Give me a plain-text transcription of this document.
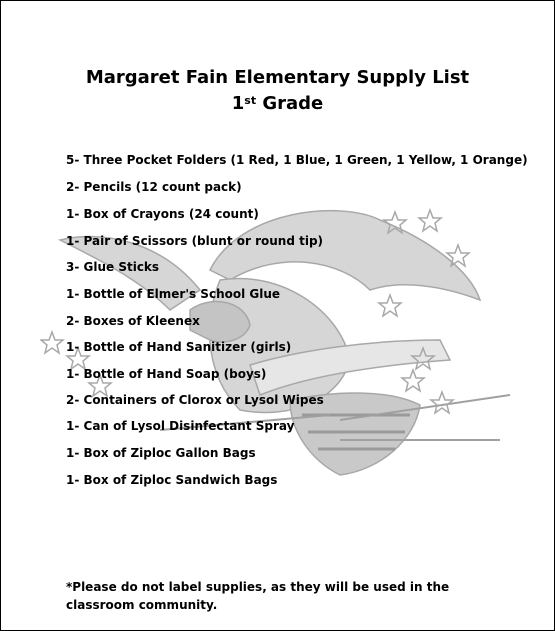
Margaret Fain Elementary Supply List
1st Grade
5- Three Pocket Folders (1 Red, 1 Blue, 1 Green, 1 Yellow, 1 Orange)
2- Pencils (12 count pack)
1- Box of Crayons (24 count)
1- Pair of Scissors (blunt or round tip)
3- Glue Sticks
1- Bottle of Elmer's School Glue
2- Boxes of Kleenex
1- Bottle of Hand Sanitizer (girls)
1- Bottle of Hand Soap (boys)
2- Containers of Clorox or Lysol Wipes
1- Can of Lysol Disinfectant Spray
1- Box of Ziploc Gallon Bags
1- Box of Ziploc Sandwich Bags
*Please do not label supplies, as they will be used in the classroom community.
